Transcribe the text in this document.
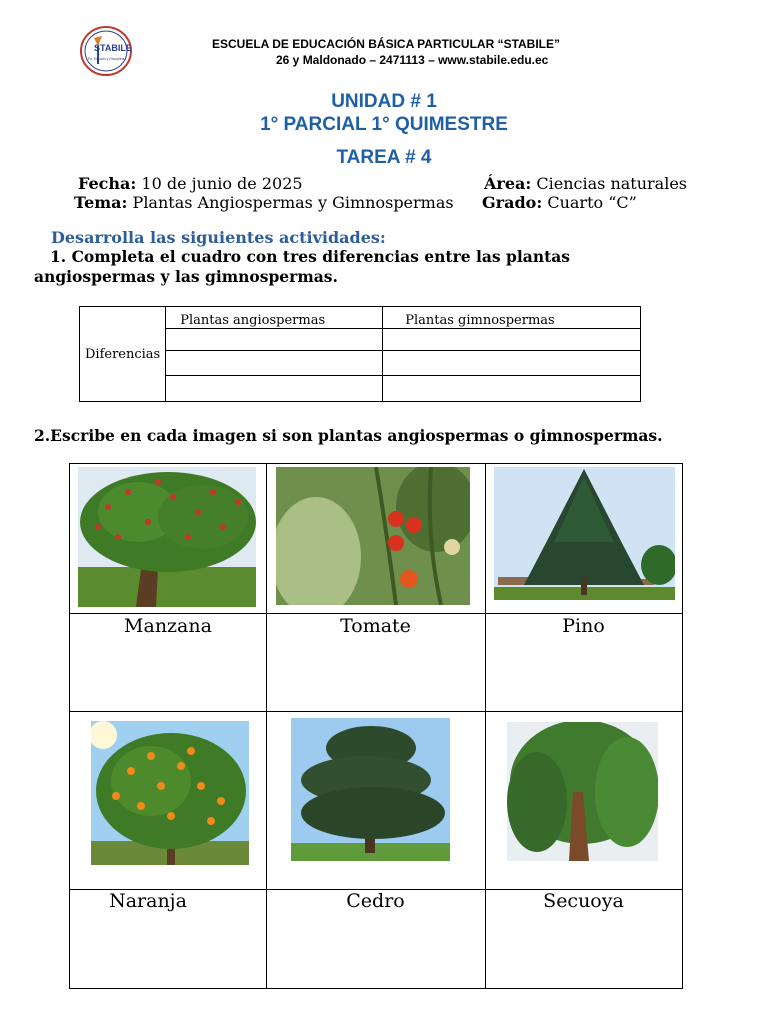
STABILE
Fe, Estudio y Disciplina
ESCUELA DE EDUCACIÓN BÁSICA PARTICULAR “STABILE”
26 y Maldonado – 2471113 – www.stabile.edu.ec
UNIDAD # 1
1° PARCIAL 1° QUIMESTRE
TAREA # 4
Fecha: 10 de junio de 2025	Área: Ciencias naturales
Tema: Plantas Angiospermas y Gimnospermas Grado: Cuarto “C”
Desarrolla las siguientes actividades:
1. Completa el cuadro con tres diferencias entre las plantas angiospermas y las gimnospermas.
Diferencias	Plantas angiospermas	Plantas gimnospermas

2.Escribe en cada imagen si son plantas angiospermas o gimnospermas.
Manzana	Tomate	Pino
Naranja	Cedro	Secuoya
